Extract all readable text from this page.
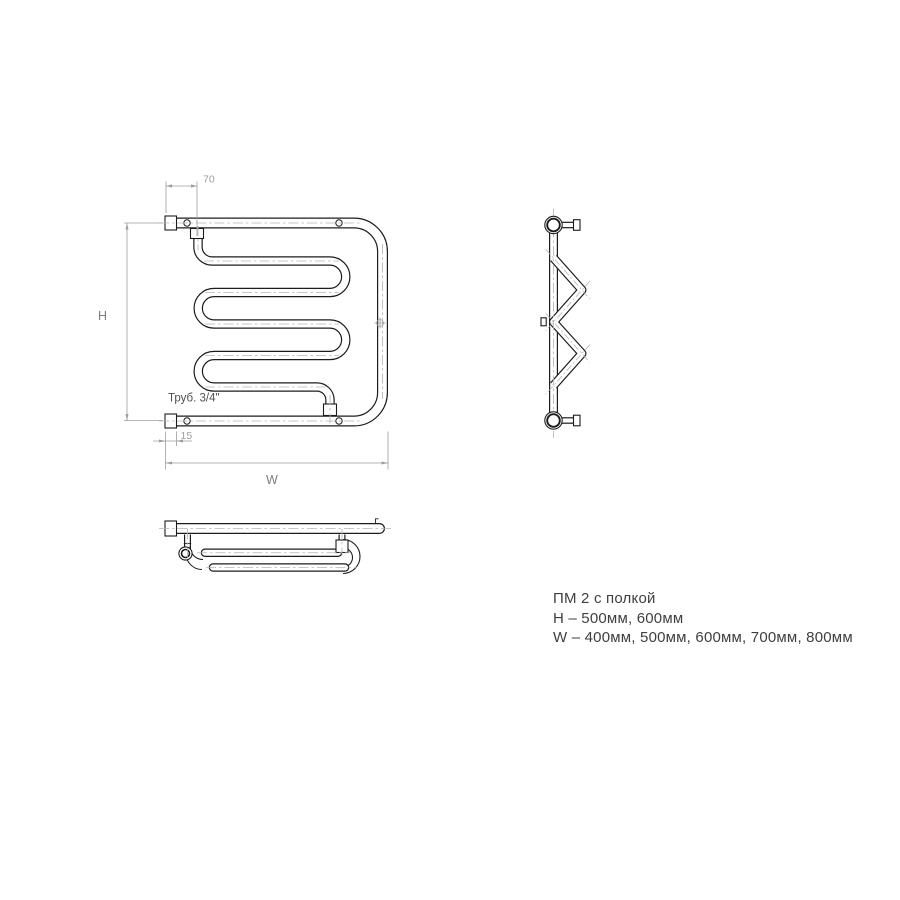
70
H
W
15
Труб. 3/4"
ПМ 2 с полкой
H – 500мм, 600мм
W – 400мм, 500мм, 600мм, 700мм, 800мм
